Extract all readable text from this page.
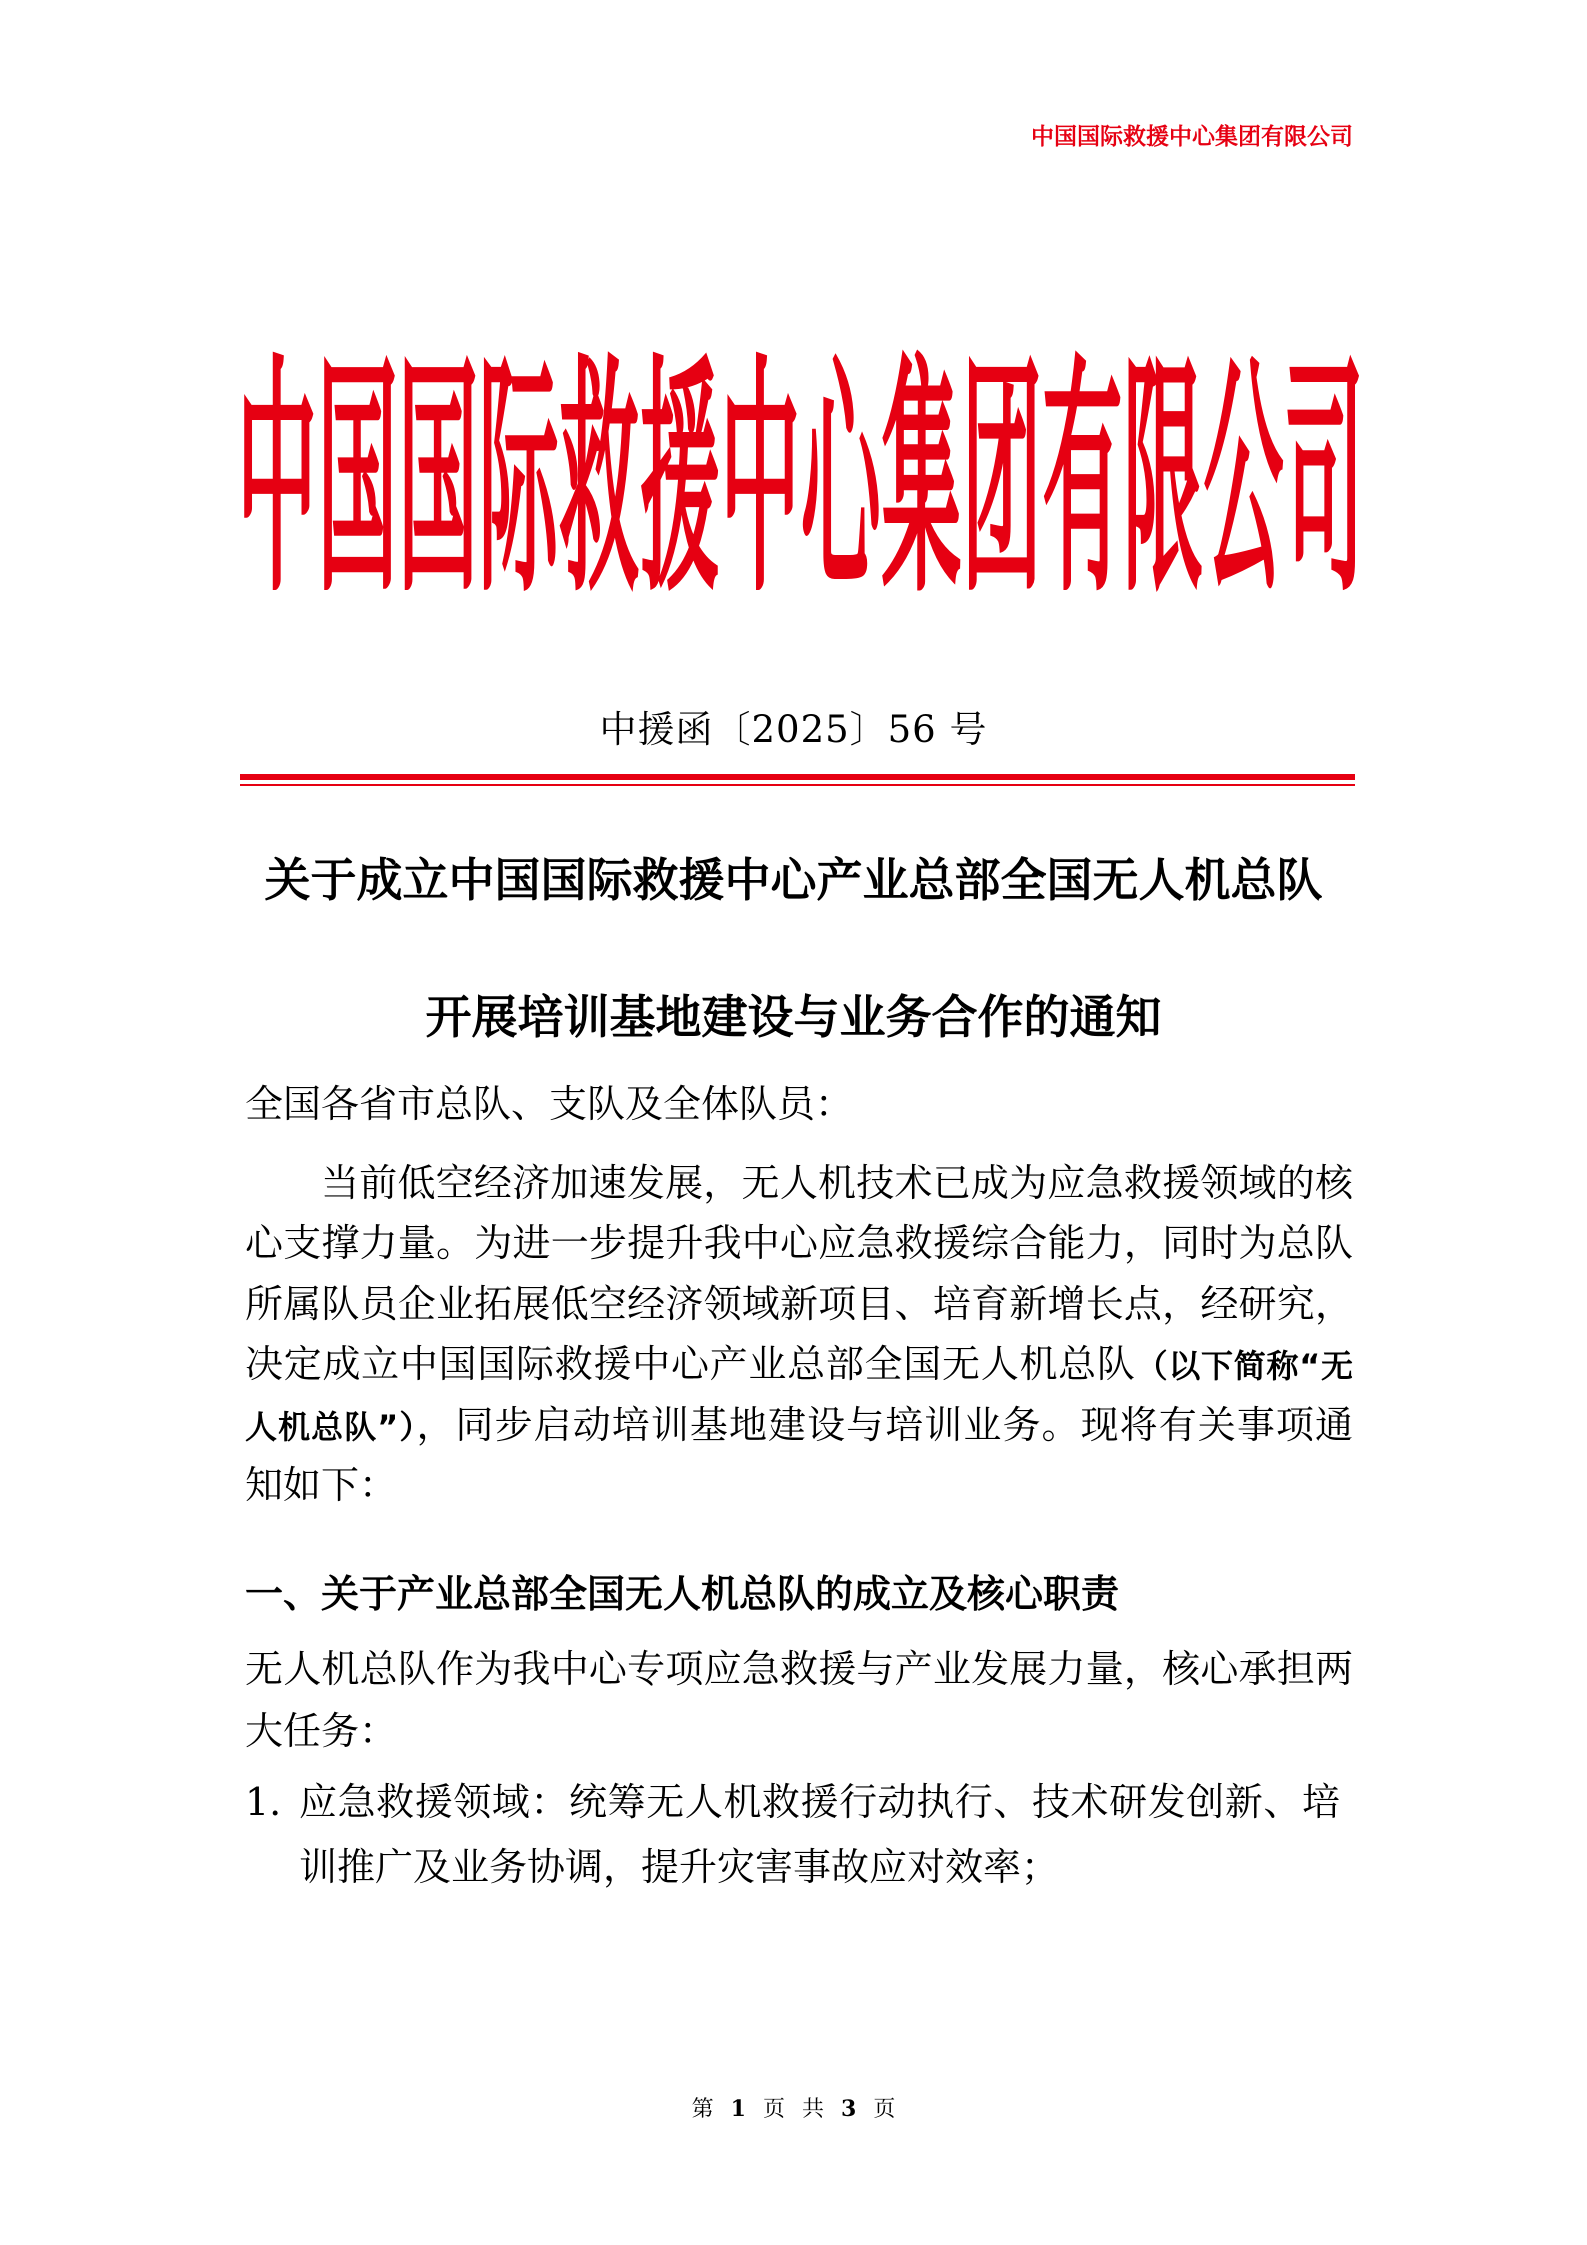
中国国际救援中心集团有限公司
中国国际救援中心集团有限公司
中援函〔2025〕56 号
关于成立中国国际救援中心产业总部全国无人机总队
开展培训基地建设与业务合作的通知
全国各省市总队、支队及全体队员：
当前低空经济加速发展，无人机技术已成为应急救援领域的核
心支撑力量。为进一步提升我中心应急救援综合能力，同时为总队
所属队员企业拓展低空经济领域新项目、培育新增长点，经研究，
决定成立中国国际救援中心产业总部全国无人机总队（以下简称“无
人机总队”），同步启动培训基地建设与培训业务。现将有关事项通
知如下：
一、关于产业总部全国无人机总队的成立及核心职责
无人机总队作为我中心专项应急救援与产业发展力量，核心承担两
大任务：
1. 应急救援领域：统筹无人机救援行动执行、技术研发创新、培
训推广及业务协调，提升灾害事故应对效率；
第 1 页 共 3 页
